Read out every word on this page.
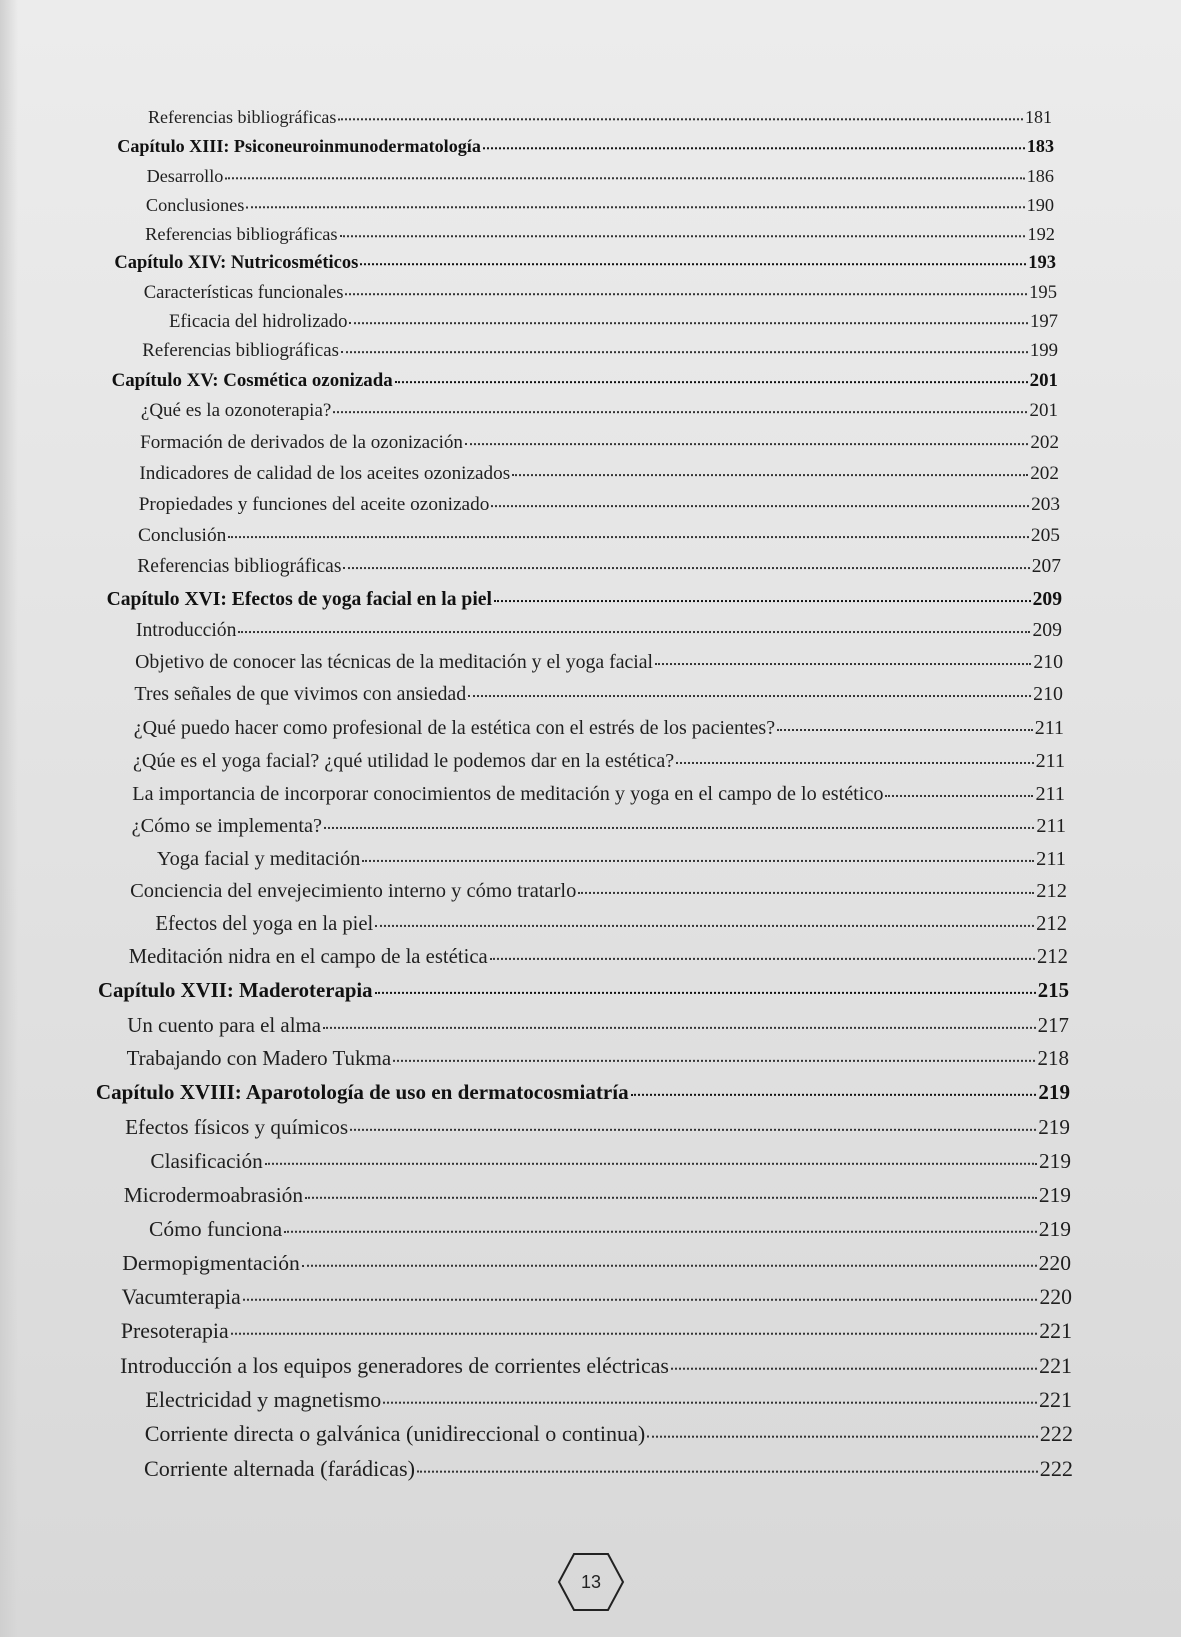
Referencias bibliográficas	181
Capítulo XIII: Psiconeuroinmunodermatología	183
Desarrollo	186
Conclusiones	190
Referencias bibliográficas	192
Capítulo XIV: Nutricosméticos	193
Características funcionales	195
Eficacia del hidrolizado	197
Referencias bibliográficas	199
Capítulo XV: Cosmética ozonizada	201
¿Qué es la ozonoterapia?	201
Formación de derivados de la ozonización	202
Indicadores de calidad de los aceites ozonizados	202
Propiedades y funciones del aceite ozonizado	203
Conclusión	205
Referencias bibliográficas	207
Capítulo XVI: Efectos de yoga facial en la piel	209
Introducción	209
Objetivo de conocer las técnicas de la meditación y el yoga facial	210
Tres señales de que vivimos con ansiedad	210
¿Qué puedo hacer como profesional de la estética con el estrés de los pacientes?	211
¿Qúe es el yoga facial? ¿qué utilidad le podemos dar en la estética?	211
La importancia de incorporar conocimientos de meditación y yoga en el campo de lo estético	211
¿Cómo se implementa?	211
Yoga facial y meditación	211
Conciencia del envejecimiento interno y cómo tratarlo	212
Efectos del yoga en la piel	212
Meditación nidra en el campo de la estética	212
Capítulo XVII: Maderoterapia	215
Un cuento para el alma	217
Trabajando con Madero Tukma	218
Capítulo XVIII: Aparotología de uso en dermatocosmiatría	219
Efectos físicos y químicos	219
Clasificación	219
Microdermoabrasión	219
Cómo funciona	219
Dermopigmentación	220
Vacumterapia	220
Presoterapia	221
Introducción a los equipos generadores de corrientes eléctricas	221
Electricidad y magnetismo	221
Corriente directa o galvánica (unidireccional o continua)	222
Corriente alternada (farádicas)	222
13
